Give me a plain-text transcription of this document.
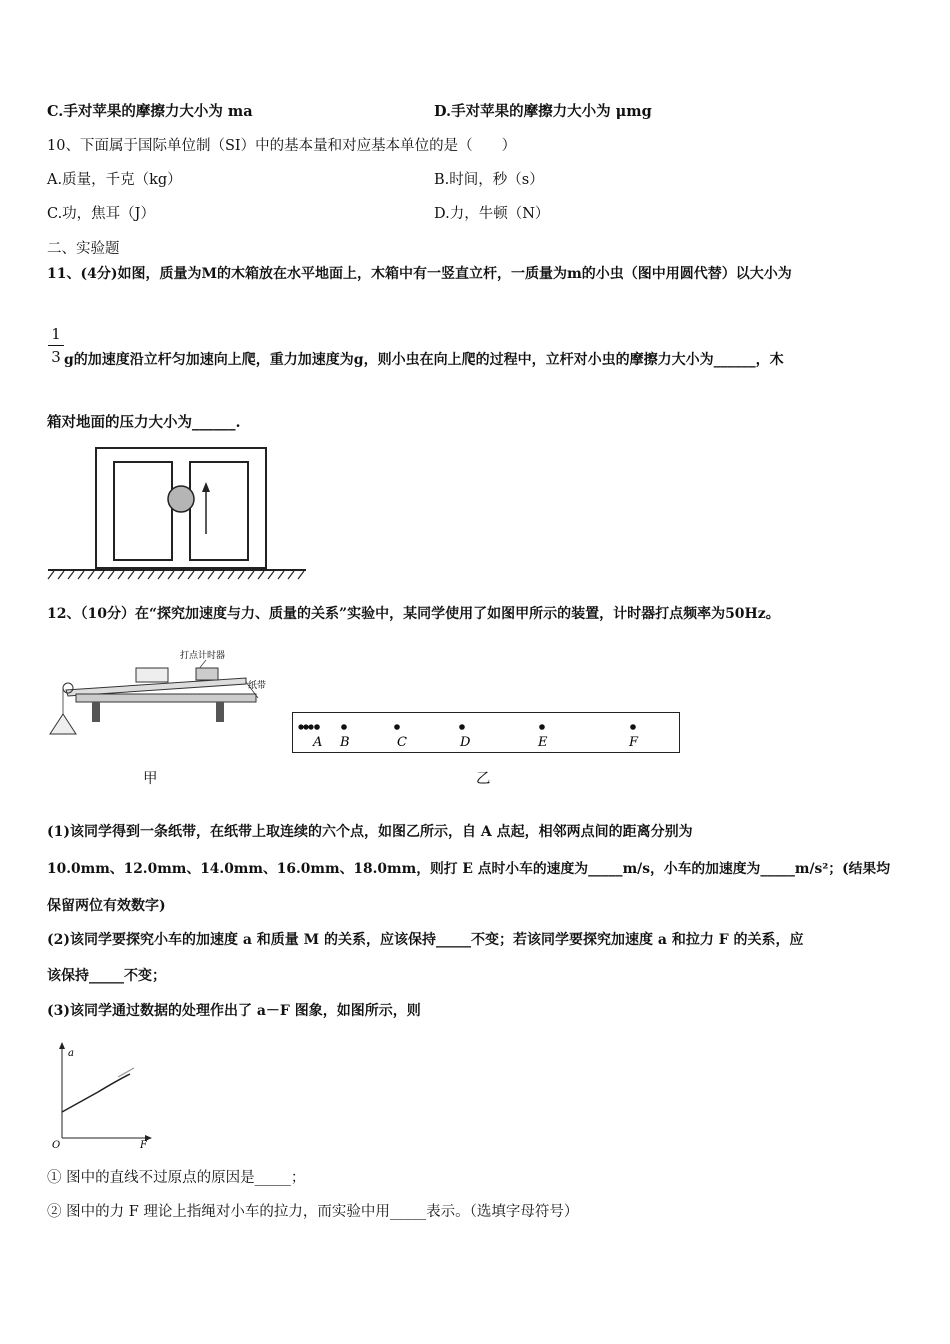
C.手对苹果的摩擦力大小为 ma	D.手对苹果的摩擦力大小为 μmg
10、下面属于国际单位制（SI）中的基本量和对应基本单位的是（　　）
A.质量，千克（kg）	B.时间，秒（s）
C.功，焦耳（J）	D.力，牛顿（N）
二、实验题
11、(4分)如图，质量为M的木箱放在水平地面上，木箱中有一竖直立杆，一质量为m的小虫（图中用圆代替）以大小为
1
3 g的加速度沿立杆匀加速向上爬，重力加速度为g，则小虫在向上爬的过程中，立杆对小虫的摩擦力大小为______，木
箱对地面的压力大小为______.
12、（10分）在“探究加速度与力、质量的关系”实验中，某同学使用了如图甲所示的装置，计时器打点频率为50Hz。
打点计时器
纸带
甲
A B	C	D	E	F
乙
(1)该同学得到一条纸带，在纸带上取连续的六个点，如图乙所示，自 A 点起，相邻两点间的距离分别为
10.0mm、12.0mm、14.0mm、16.0mm、18.0mm，则打 E 点时小车的速度为_____m/s，小车的加速度为_____m/s²；(结果均
保留两位有效数字)
(2)该同学要探究小车的加速度 a 和质量 M 的关系，应该保持_____不变；若该同学要探究加速度 a 和拉力 F 的关系，应
该保持_____不变；
(3)该同学通过数据的处理作出了 a－F 图象，如图所示，则
a
F
O
① 图中的直线不过原点的原因是_____；
② 图中的力 F 理论上指绳对小车的拉力，而实验中用_____表示。（选填字母符号）
